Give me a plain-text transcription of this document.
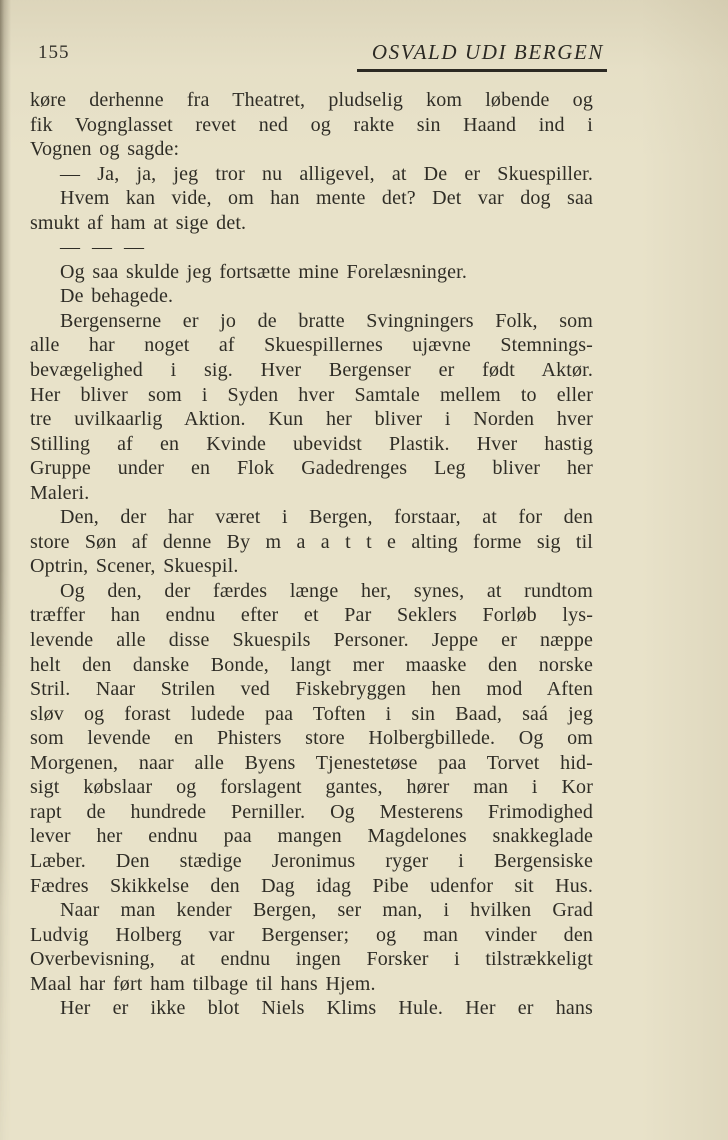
155	OSVALD UDI BERGEN
køre derhenne fra Theatret, pludselig kom løbende og
fik Vognglasset revet ned og rakte sin Haand ind i
Vognen og sagde:
— Ja, ja, jeg tror nu alligevel, at De er Skuespiller.
Hvem kan vide, om han mente det? Det var dog saa
smukt af ham at sige det.
— — —
Og saa skulde jeg fortsætte mine Forelæsninger.
De behagede.
Bergenserne er jo de bratte Svingningers Folk, som
alle har noget af Skuespillernes ujævne Stemnings-
bevægelighed i sig. Hver Bergenser er født Aktør.
Her bliver som i Syden hver Samtale mellem to eller
tre uvilkaarlig Aktion. Kun her bliver i Norden hver
Stilling af en Kvinde ubevidst Plastik. Hver hastig
Gruppe under en Flok Gadedrenges Leg bliver her
Maleri.
Den, der har været i Bergen, forstaar, at for den
store Søn af denne By m a a t t e alting forme sig til
Optrin, Scener, Skuespil.
Og den, der færdes længe her, synes, at rundtom
træffer han endnu efter et Par Seklers Forløb lys-
levende alle disse Skuespils Personer. Jeppe er næppe
helt den danske Bonde, langt mer maaske den norske
Stril. Naar Strilen ved Fiskebryggen hen mod Aften
sløv og forast ludede paa Toften i sin Baad, saá jeg
som levende en Phisters store Holbergbillede. Og om
Morgenen, naar alle Byens Tjenestetøse paa Torvet hid-
sigt købslaar og forslagent gantes, hører man i Kor
rapt de hundrede Perniller. Og Mesterens Frimodighed
lever her endnu paa mangen Magdelones snakkeglade
Læber. Den stædige Jeronimus ryger i Bergensiske
Fædres Skikkelse den Dag idag Pibe udenfor sit Hus.
Naar man kender Bergen, ser man, i hvilken Grad
Ludvig Holberg var Bergenser; og man vinder den
Overbevisning, at endnu ingen Forsker i tilstrækkeligt
Maal har ført ham tilbage til hans Hjem.
Her er ikke blot Niels Klims Hule. Her er hans
